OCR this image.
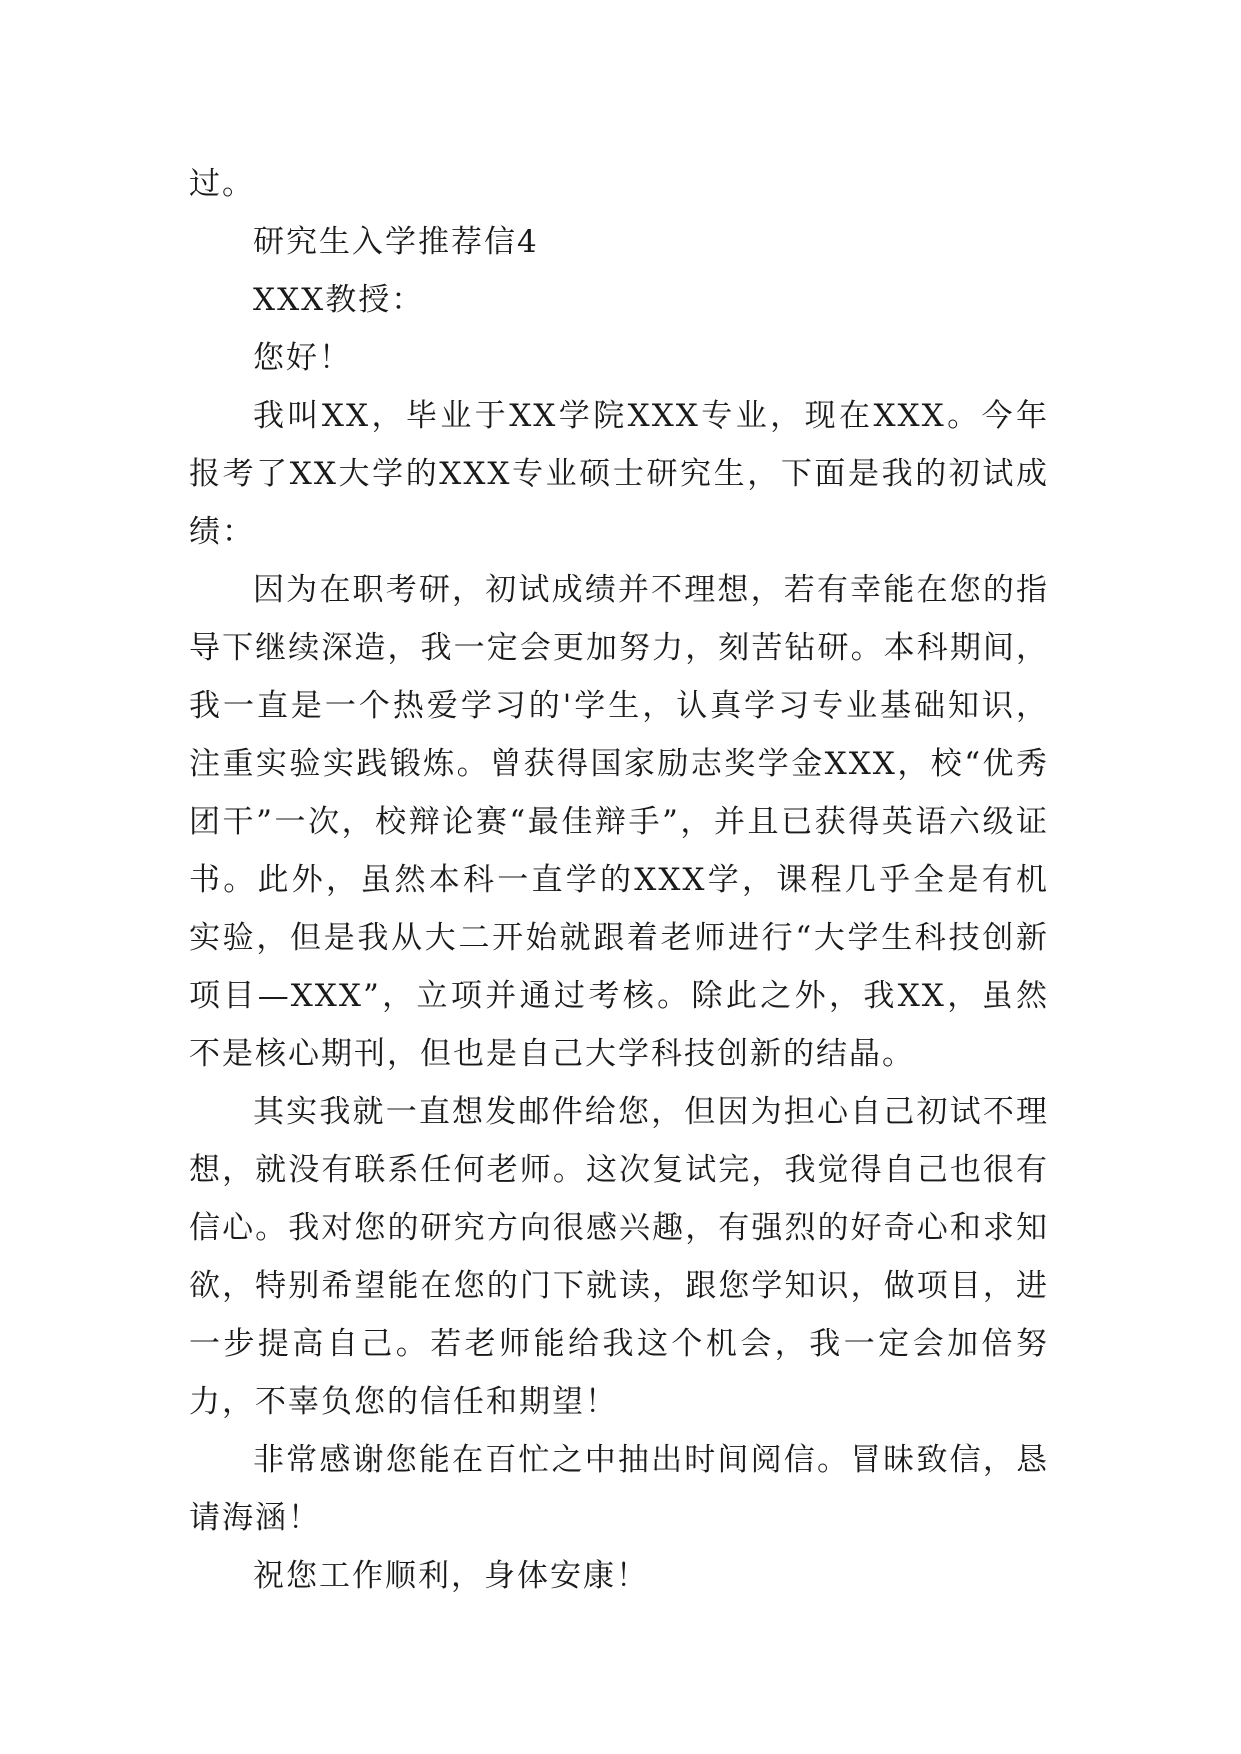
过。

研究生入学推荐信4

XXX教授：

您好！

我叫XX，毕业于XX学院XXX专业，现在XXX。今年报考了XX大学的XXX专业硕士研究生，下面是我的初试成绩：

因为在职考研，初试成绩并不理想，若有幸能在您的指导下继续深造，我一定会更加努力，刻苦钻研。本科期间，我一直是一个热爱学习的'学生，认真学习专业基础知识，注重实验实践锻炼。曾获得国家励志奖学金XXX，校“优秀团干”一次，校辩论赛“最佳辩手”，并且已获得英语六级证书。此外，虽然本科一直学的XXX学，课程几乎全是有机实验，但是我从大二开始就跟着老师进行“大学生科技创新项目—XXX”，立项并通过考核。除此之外，我XX，虽然不是核心期刊，但也是自己大学科技创新的结晶。

其实我就一直想发邮件给您，但因为担心自己初试不理想，就没有联系任何老师。这次复试完，我觉得自己也很有信心。我对您的研究方向很感兴趣，有强烈的好奇心和求知欲，特别希望能在您的门下就读，跟您学知识，做项目，进一步提高自己。若老师能给我这个机会，我一定会加倍努力，不辜负您的信任和期望！

非常感谢您能在百忙之中抽出时间阅信。冒昧致信，恳请海涵！

祝您工作顺利，身体安康！
